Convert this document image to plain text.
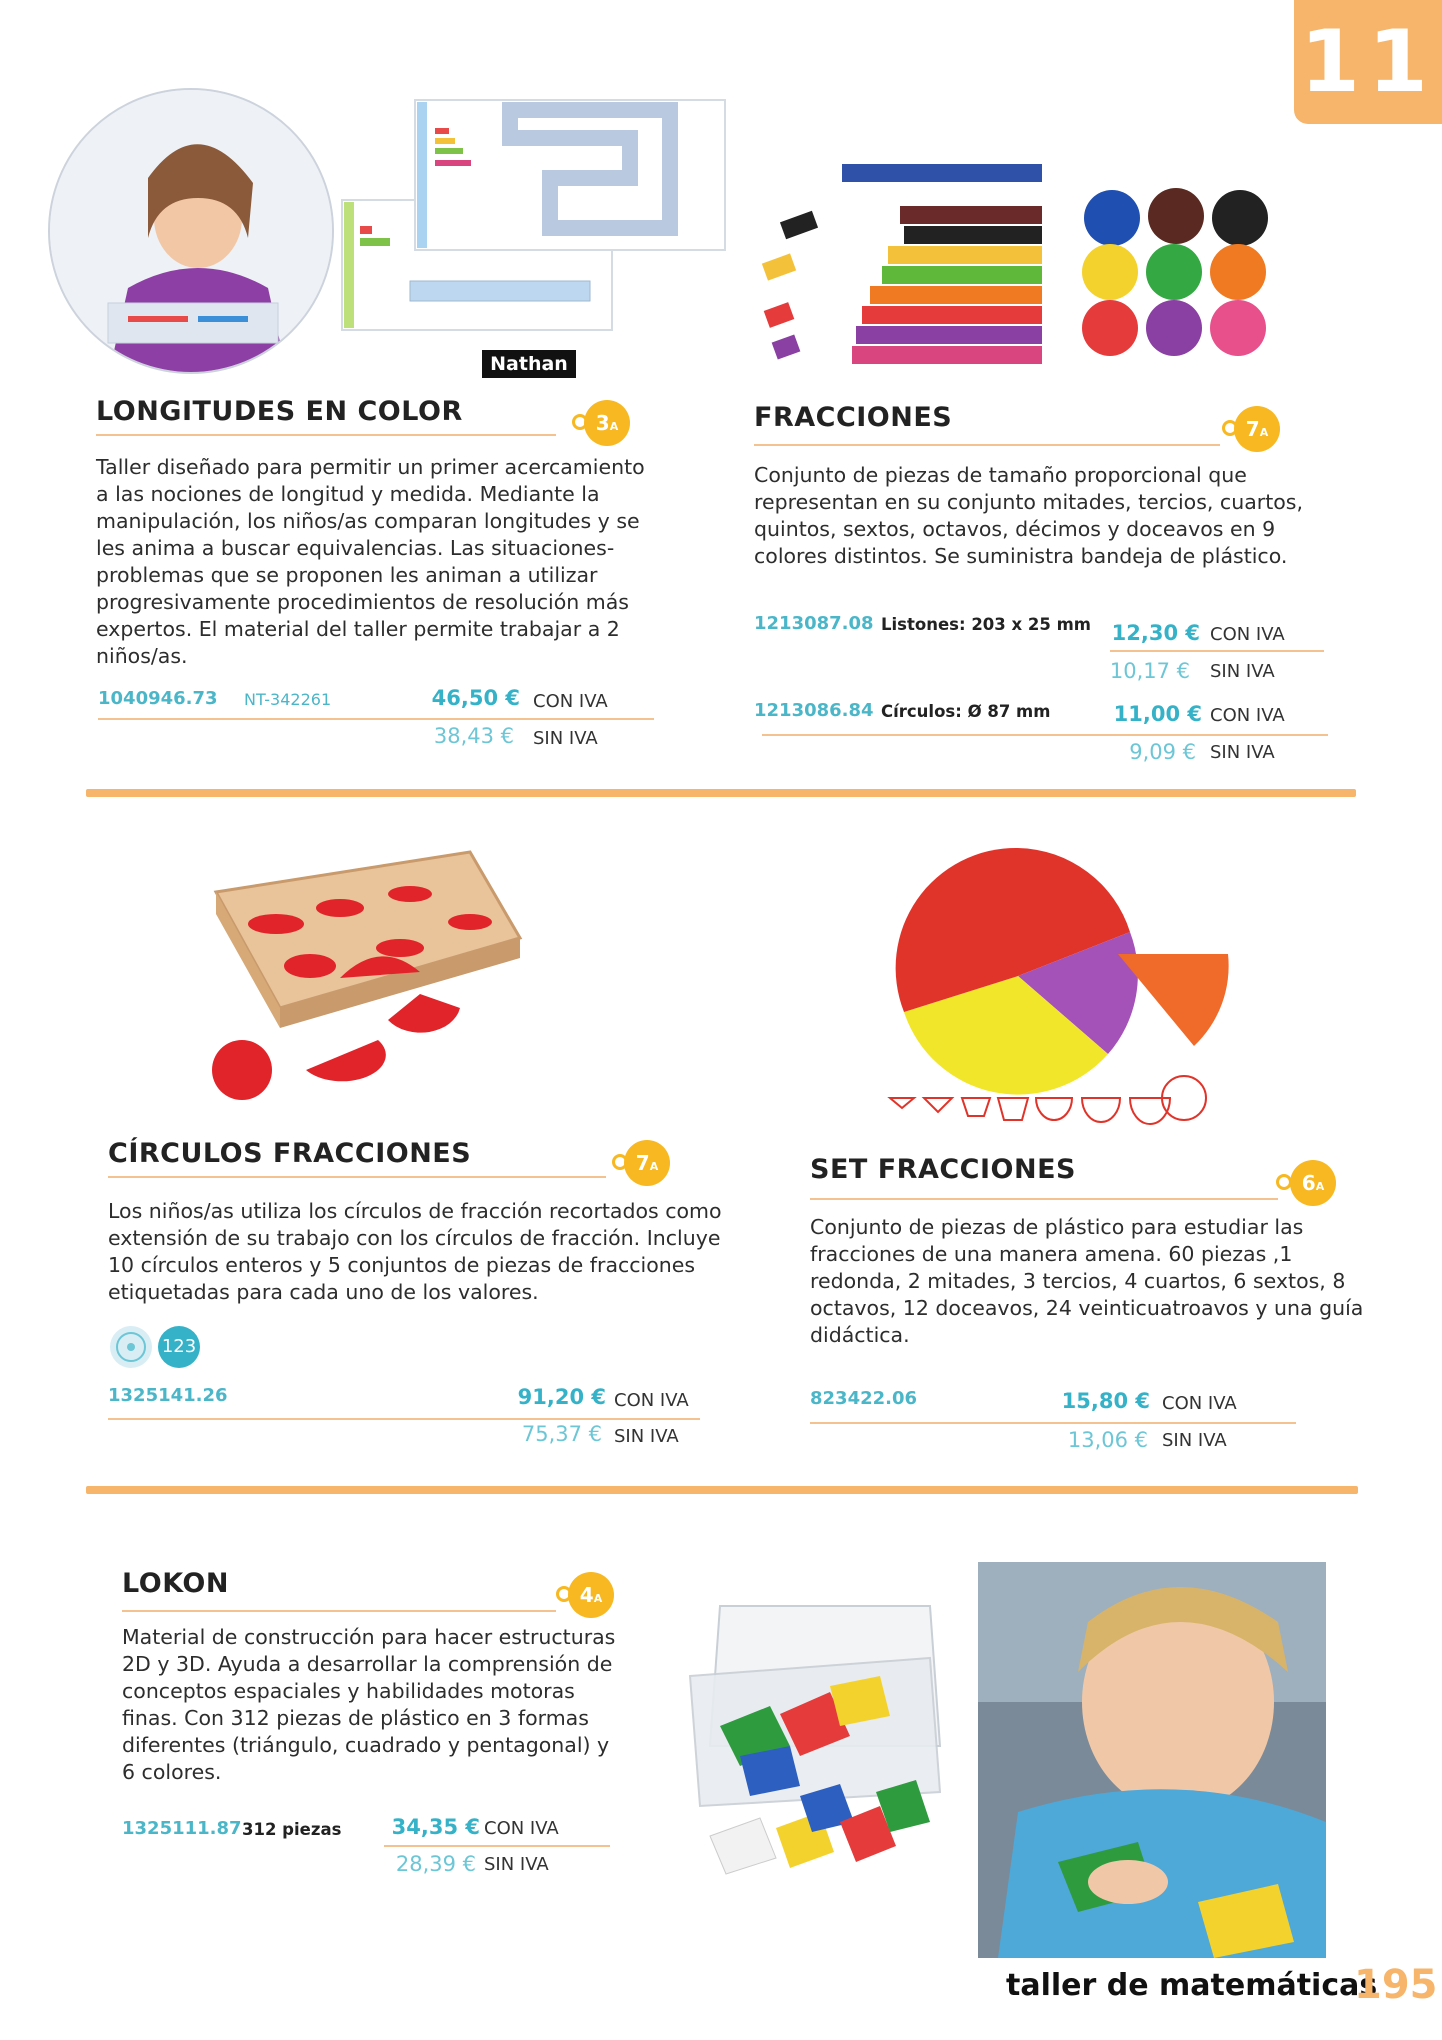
11
Nathan
LONGITUDES EN COLOR	3A
Taller diseñado para permitir un primer acercamiento a las nociones de longitud y medida. Mediante la manipulación, los niños/as comparan longitudes y se les anima a buscar equivalencias. Las situaciones-problemas que se proponen les animan a utilizar progresivamente procedimientos de resolución más expertos. El material del taller permite trabajar a 2 niños/as.
1040946.73 NT-342261	46,50 € CON IVA
38,43 € SIN IVA
FRACCIONES	7A
Conjunto de piezas de tamaño proporcional que representan en su conjunto mitades, tercios, cuartos, quintos, sextos, octavos, décimos y doceavos en 9 colores distintos. Se suministra bandeja de plástico.
1213087.08 Listones: 203 x 25 mm 12,30 € CON IVA
10,17 € SIN IVA
1213086.84 Círculos: Ø 87 mm	11,00 € CON IVA
9,09 € SIN IVA
CÍRCULOS FRACCIONES	7A
Los niños/as utiliza los círculos de fracción recortados como extensión de su trabajo con los círculos de fracción. Incluye 10 círculos enteros y 5 conjuntos de piezas de fracciones etiquetadas para cada uno de los valores.
123
1325141.26	91,20 € CON IVA
75,37 € SIN IVA
SET FRACCIONES	6A
Conjunto de piezas de plástico para estudiar las fracciones de una manera amena. 60 piezas ,1 redonda, 2 mitades, 3 tercios, 4 cuartos, 6 sextos, 8 octavos, 12 doceavos, 24 veinticuatroavos y una guía didáctica.
823422.06	15,80 € CON IVA
13,06 € SIN IVA
LOKON	4A
Material de construcción para hacer estructuras 2D y 3D. Ayuda a desarrollar la comprensión de conceptos espaciales y habilidades motoras finas. Con 312 piezas de plástico en 3 formas diferentes (triángulo, cuadrado y pentagonal) y 6 colores.
1325111.87 312 piezas	34,35 € CON IVA
28,39 € SIN IVA
taller de matemáticas
195
